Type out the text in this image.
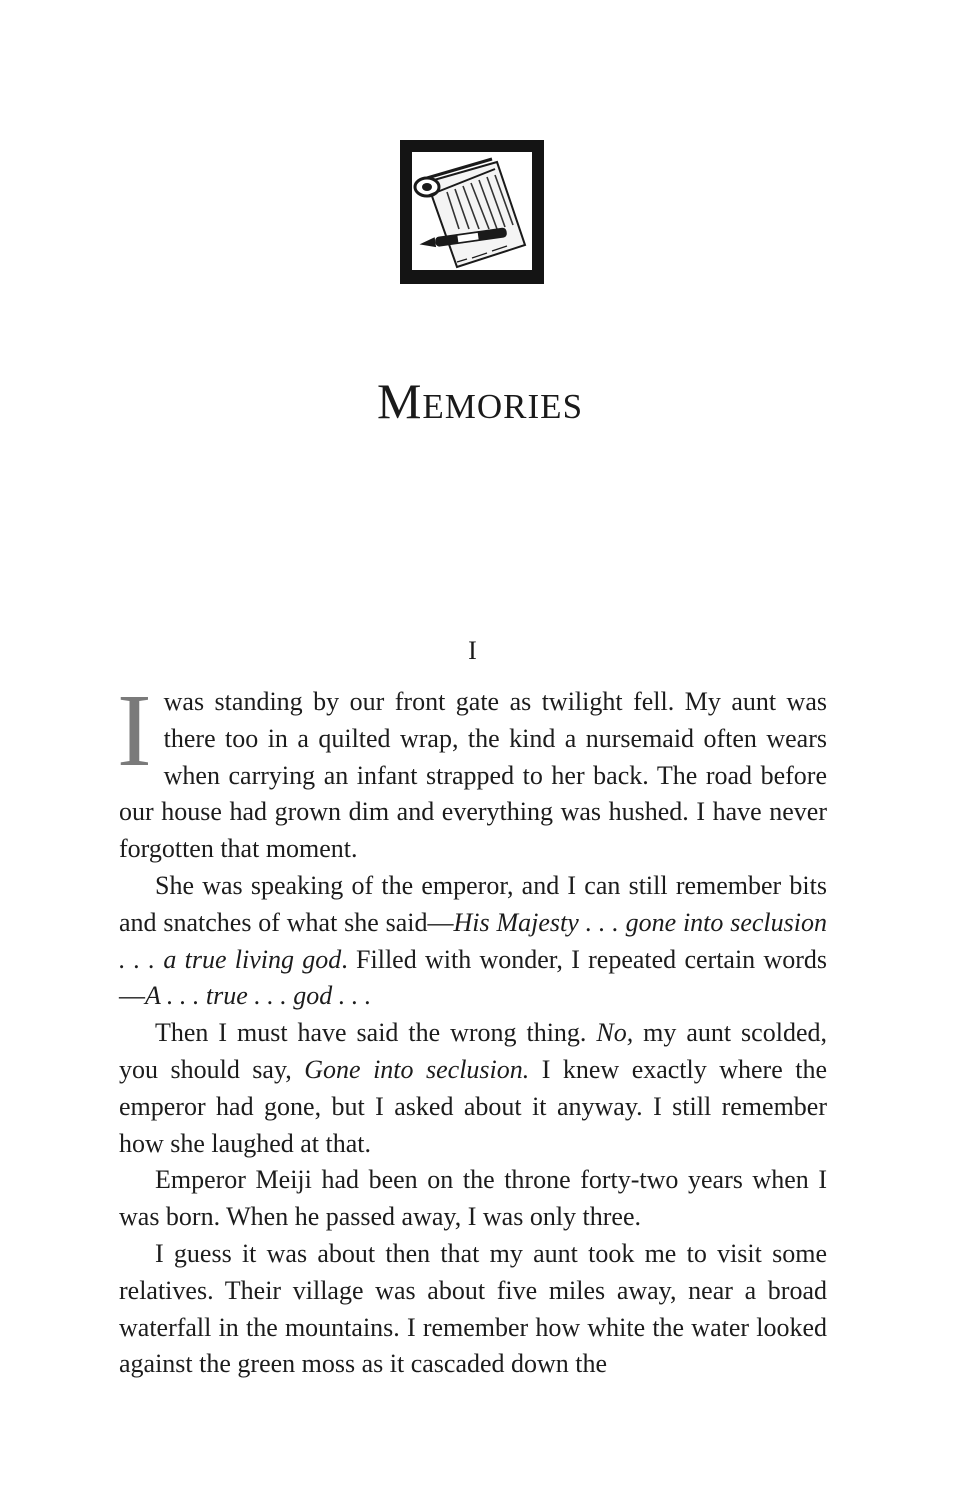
Memories
I

I was standing by our front gate as twilight fell. My aunt was there too in a quilted wrap, the kind a nursemaid often wears when carrying an infant strapped to her back. The road before our house had grown dim and everything was hushed. I have never forgotten that moment.

She was speaking of the emperor, and I can still remember bits and snatches of what she said—His Majesty . . . gone into seclusion . . . a true living god. Filled with wonder, I repeated certain words—A . . . true . . . god . . .

Then I must have said the wrong thing. No, my aunt scolded, you should say, Gone into seclusion. I knew exactly where the emperor had gone, but I asked about it anyway. I still remember how she laughed at that.

Emperor Meiji had been on the throne forty-two years when I was born. When he passed away, I was only three.

I guess it was about then that my aunt took me to visit some relatives. Their village was about five miles away, near a broad waterfall in the mountains. I remember how white the water looked against the green moss as it cascaded down the
